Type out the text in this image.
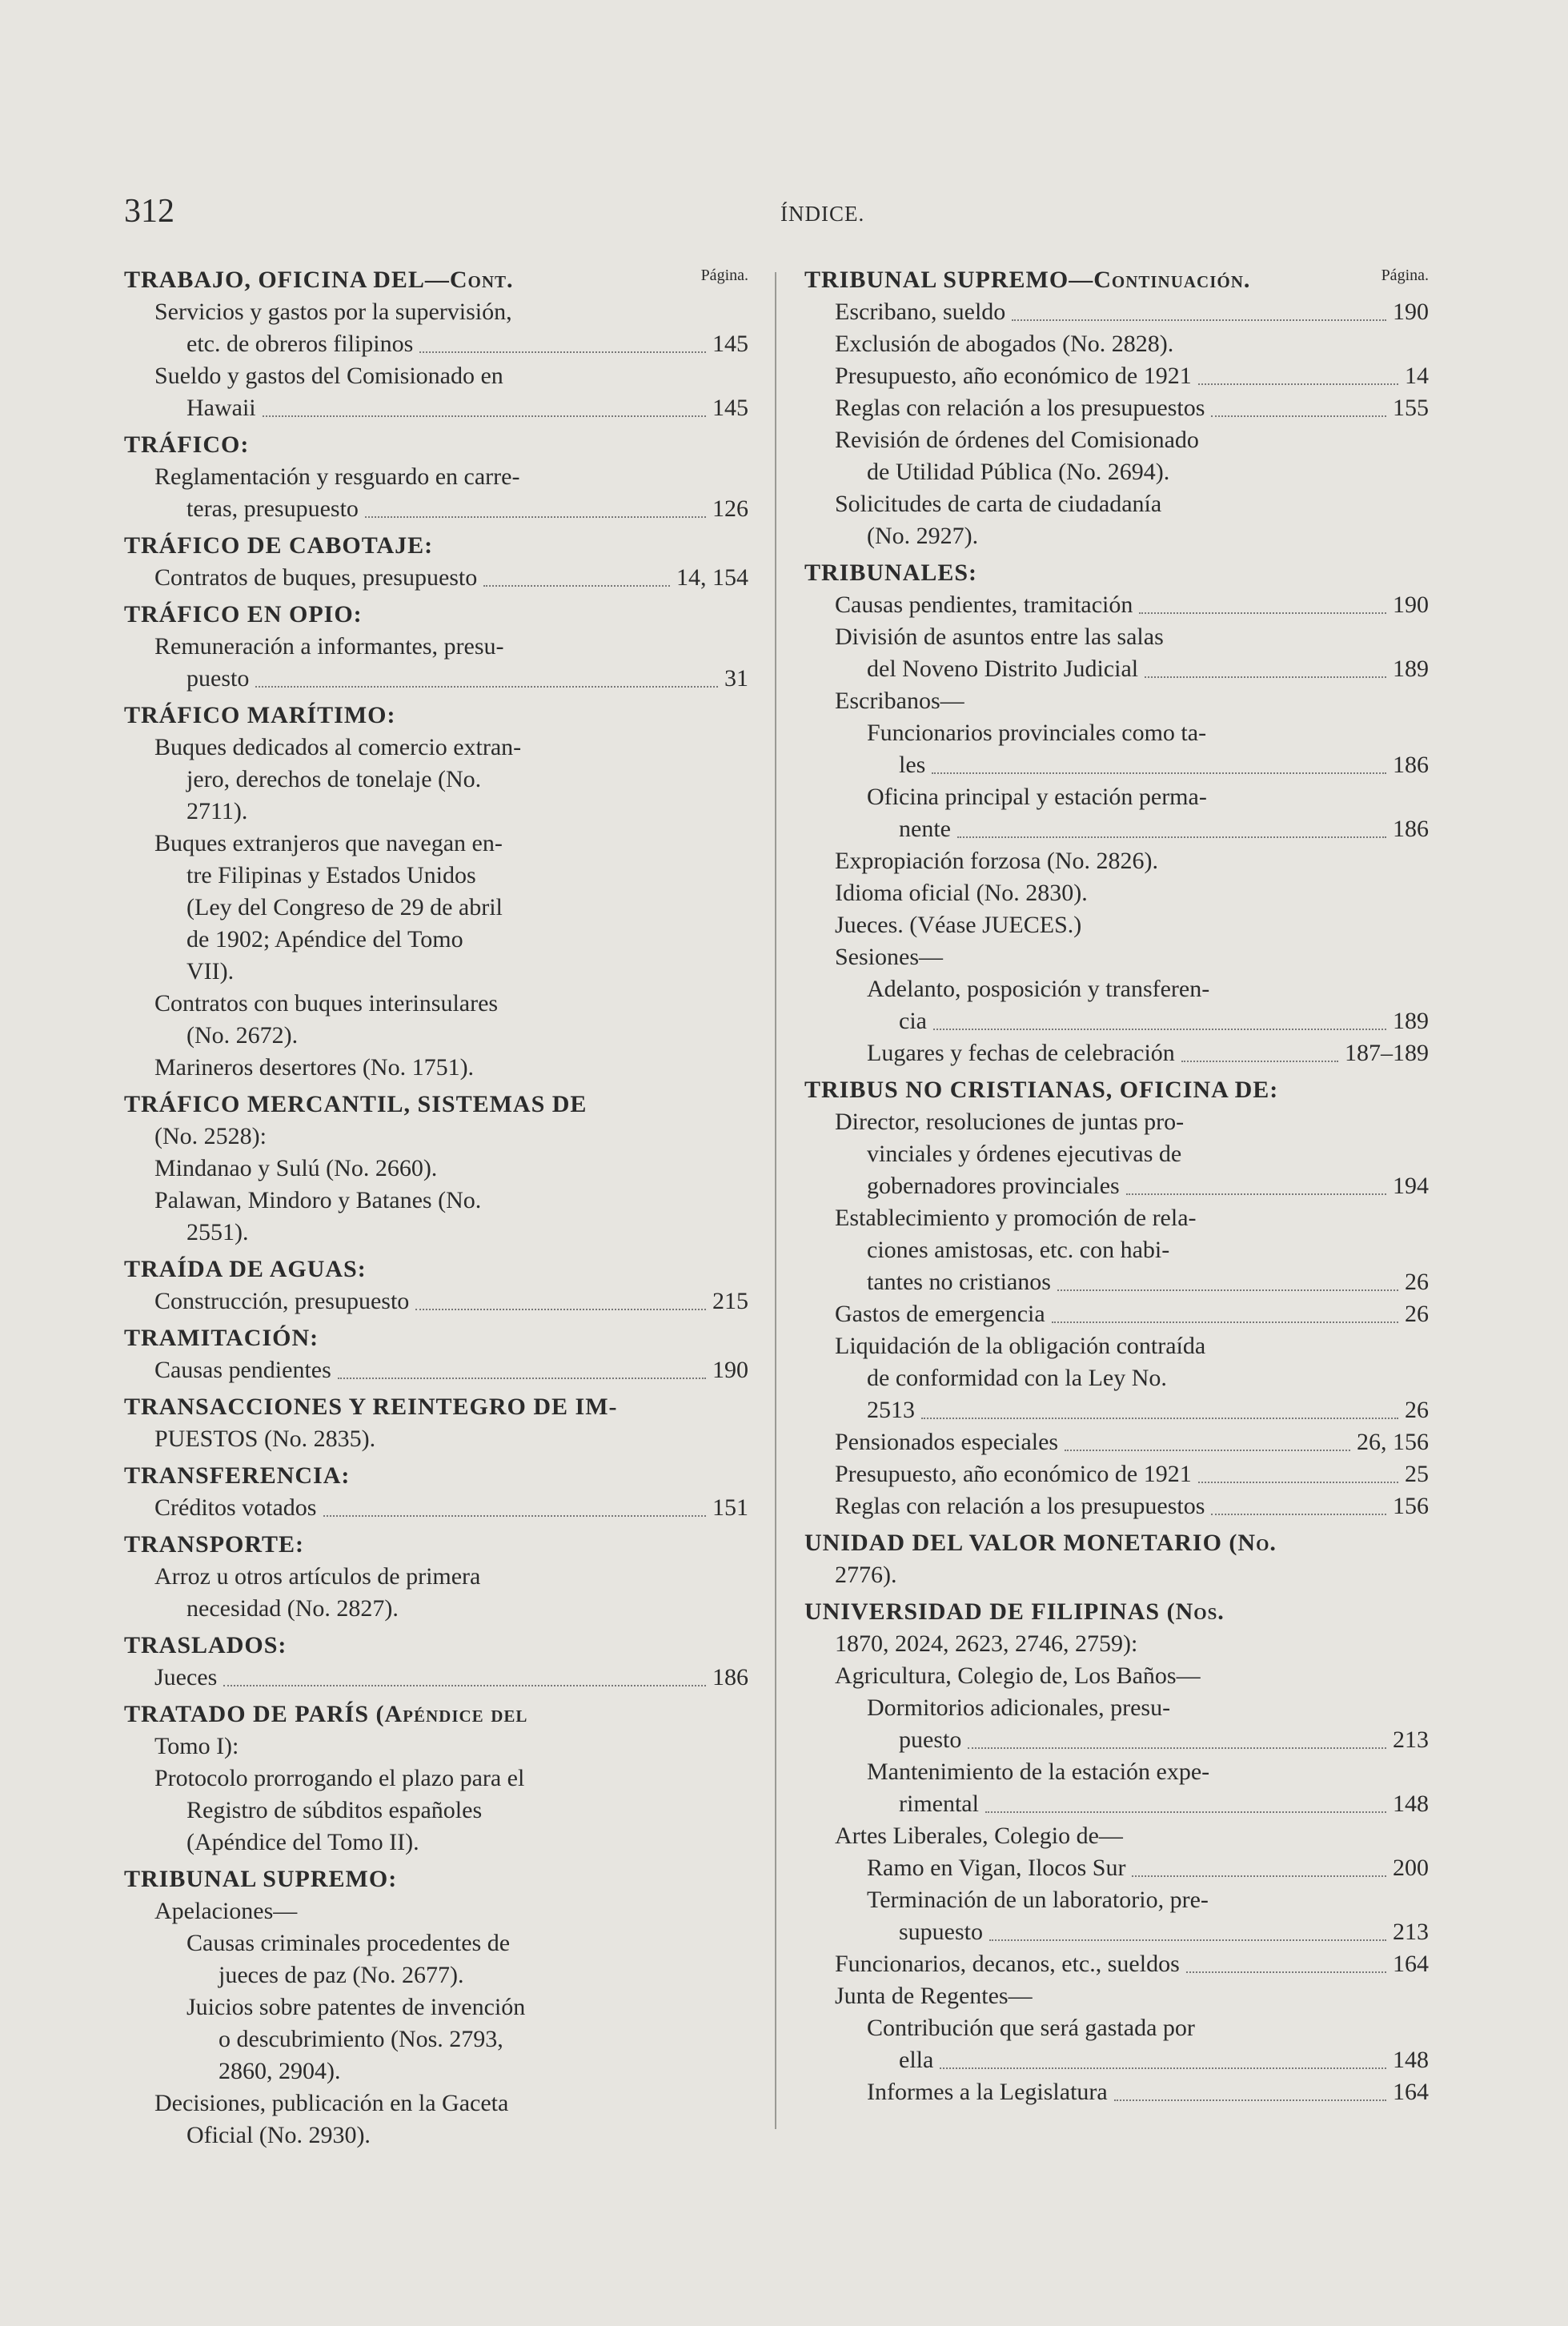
312	ÍNDICE.
Página.
TRABAJO, OFICINA DEL—Cont.
Servicios y gastos por la supervisión,
etc. de obreros filipinos	145
Sueldo y gastos del Comisionado en
Hawaii	145
TRÁFICO:
Reglamentación y resguardo en carre-
teras, presupuesto	126
TRÁFICO DE CABOTAJE:
Contratos de buques, presupuesto	14, 154
TRÁFICO EN OPIO:
Remuneración a informantes, presu-
puesto	31
TRÁFICO MARÍTIMO:
Buques dedicados al comercio extran-
jero, derechos de tonelaje (No.
2711).
Buques extranjeros que navegan en-
tre Filipinas y Estados Unidos
(Ley del Congreso de 29 de abril
de 1902; Apéndice del Tomo
VII).
Contratos con buques interinsulares
(No. 2672).
Marineros desertores (No. 1751).
TRÁFICO MERCANTIL, SISTEMAS DE
(No. 2528):
Mindanao y Sulú (No. 2660).
Palawan, Mindoro y Batanes (No.
2551).
TRAÍDA DE AGUAS:
Construcción, presupuesto	215
TRAMITACIÓN:
Causas pendientes	190
TRANSACCIONES Y REINTEGRO DE IM-
PUESTOS (No. 2835).
TRANSFERENCIA:
Créditos votados	151
TRANSPORTE:
Arroz u otros artículos de primera
necesidad (No. 2827).
TRASLADOS:
Jueces	186
TRATADO DE PARÍS (Apéndice del
Tomo I):
Protocolo prorrogando el plazo para el
Registro de súbditos españoles
(Apéndice del Tomo II).
TRIBUNAL SUPREMO:
Apelaciones—
Causas criminales procedentes de
jueces de paz (No. 2677).
Juicios sobre patentes de invención
o descubrimiento (Nos. 2793,
2860, 2904).
Decisiones, publicación en la Gaceta
Oficial (No. 2930).
Página.
TRIBUNAL SUPREMO—Continuación.
Escribano, sueldo	190
Exclusión de abogados (No. 2828).
Presupuesto, año económico de 1921	14
Reglas con relación a los presupuestos	155
Revisión de órdenes del Comisionado
de Utilidad Pública (No. 2694).
Solicitudes de carta de ciudadanía
(No. 2927).
TRIBUNALES:
Causas pendientes, tramitación	190
División de asuntos entre las salas
del Noveno Distrito Judicial	189
Escribanos—
Funcionarios provinciales como ta-
les	186
Oficina principal y estación perma-
nente	186
Expropiación forzosa (No. 2826).
Idioma oficial (No. 2830).
Jueces. (Véase JUECES.)
Sesiones—
Adelanto, posposición y transferen-
cia	189
Lugares y fechas de celebración	187–189
TRIBUS NO CRISTIANAS, OFICINA DE:
Director, resoluciones de juntas pro-
vinciales y órdenes ejecutivas de
gobernadores provinciales	194
Establecimiento y promoción de rela-
ciones amistosas, etc. con habi-
tantes no cristianos	26
Gastos de emergencia	26
Liquidación de la obligación contraída
de conformidad con la Ley No.
2513	26
Pensionados especiales	26, 156
Presupuesto, año económico de 1921	25
Reglas con relación a los presupuestos	156
UNIDAD DEL VALOR MONETARIO (No.
2776).
UNIVERSIDAD DE FILIPINAS (Nos.
1870, 2024, 2623, 2746, 2759):
Agricultura, Colegio de, Los Baños—
Dormitorios adicionales, presu-
puesto	213
Mantenimiento de la estación expe-
rimental	148
Artes Liberales, Colegio de—
Ramo en Vigan, Ilocos Sur	200
Terminación de un laboratorio, pre-
supuesto	213
Funcionarios, decanos, etc., sueldos	164
Junta de Regentes—
Contribución que será gastada por
ella	148
Informes a la Legislatura	164
